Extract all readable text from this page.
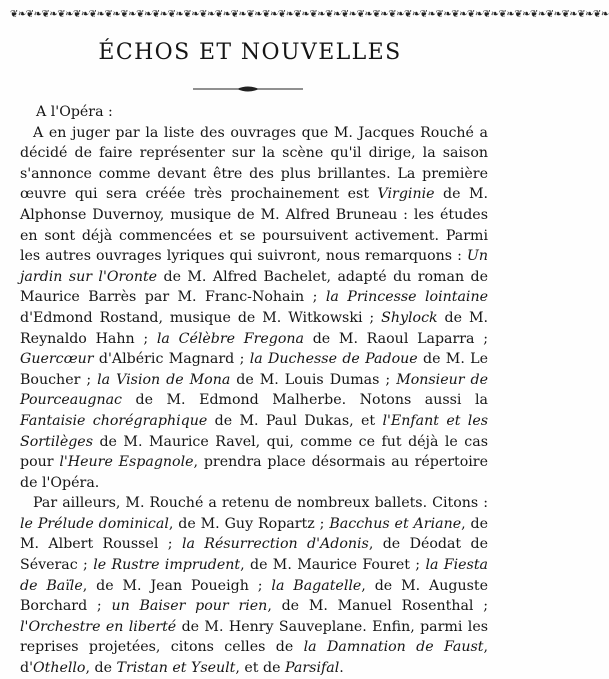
❦❧❦❧❦❧❦❧❦❧❦❧❦❧❦❧❦❧❦❧❦❧❦❧❦❧❦❧❦❧❦❧❦❧❦❧❦❧❦❧❦❧❦❧❦❧❦❧❦❧❦❧❦❧❦❧❦❧❦❧❦❧❦❧❦❧❦❧❦❧❦❧❦❧❦❧
ÉCHOS ET NOUVELLES

A l'Opéra :

A en juger par la liste des ouvrages que M. Jacques Rouché a décidé de faire représenter sur la scène qu'il dirige, la saison s'annonce comme devant être des plus brillantes. La première œuvre qui sera créée très prochainement est Virginie de M. Alphonse Duvernoy, musique de M. Alfred Bruneau : les études en sont déjà commencées et se poursuivent activement. Parmi les autres ouvrages lyriques qui suivront, nous remarquons : Un jardin sur l'Oronte de M. Alfred Bachelet, adapté du roman de Maurice Barrès par M. Franc-Nohain ; la Princesse lointaine d'Edmond Rostand, musique de M. Witkowski ; Shylock de M. Reynaldo Hahn ; la Célèbre Fregona de M. Raoul Laparra ; Guercœur d'Albéric Magnard ; la Duchesse de Padoue de M. Le Boucher ; la Vision de Mona de M. Louis Dumas ; Monsieur de Pourceaugnac de M. Edmond Malherbe. Notons aussi la Fantaisie chorégraphique de M. Paul Dukas, et l'Enfant et les Sortilèges de M. Maurice Ravel, qui, comme ce fut déjà le cas pour l'Heure Espagnole, prendra place désormais au répertoire de l'Opéra.

Par ailleurs, M. Rouché a retenu de nombreux ballets. Citons : le Prélude dominical, de M. Guy Ropartz ; Bacchus et Ariane, de M. Albert Roussel ; la Résurrection d'Adonis, de Déodat de Séverac ; le Rustre imprudent, de M. Maurice Fouret ; la Fiesta de Baïle, de M. Jean Poueigh ; la Bagatelle, de M. Auguste Borchard ; un Baiser pour rien, de M. Manuel Rosenthal ; l'Orchestre en liberté de M. Henry Sauveplane. Enfin, parmi les reprises projetées, citons celles de la Damnation de Faust, d'Othello, de Tristan et Yseult, et de Parsifal.
